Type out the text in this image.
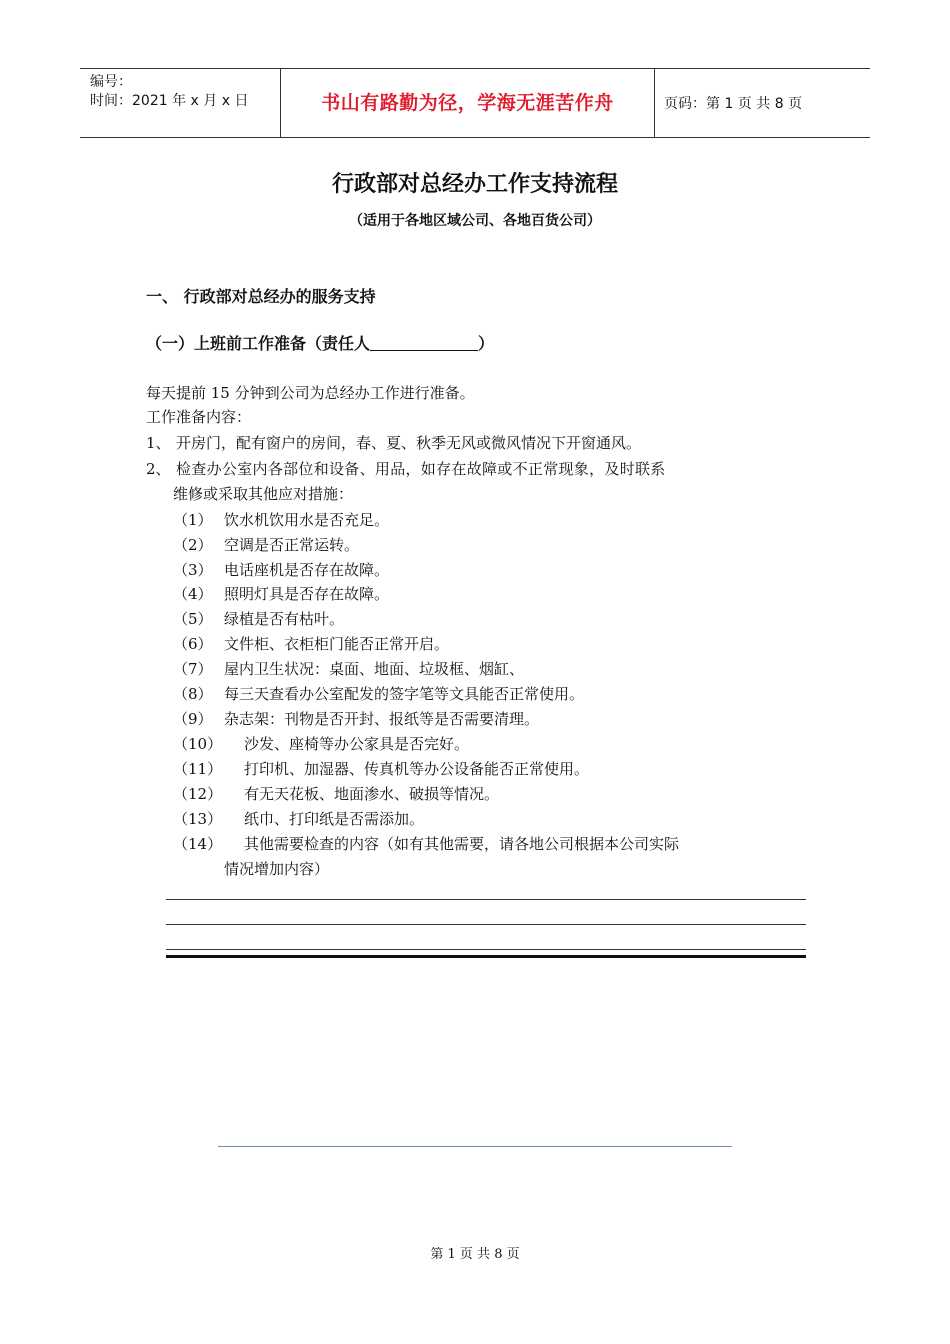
编号：
时间：2021 年 x 月 x 日	书山有路勤为径，学海无涯苦作舟	页码：第 1 页 共 8 页
行政部对总经办工作支持流程
（适用于各地区域公司、各地百货公司）
一、 行政部对总经办的服务支持
（一）上班前工作准备（责任人	）
每天提前 15 分钟到公司为总经办工作进行准备。
工作准备内容：
1、 开房门，配有窗户的房间，春、夏、秋季无风或微风情况下开窗通风。
2、 检查办公室内各部位和设备、用品，如存在故障或不正常现象，及时联系
维修或采取其他应对措施：
（1） 饮水机饮用水是否充足。
（2） 空调是否正常运转。
（3） 电话座机是否存在故障。
（4） 照明灯具是否存在故障。
（5） 绿植是否有枯叶。
（6） 文件柜、衣柜柜门能否正常开启。
（7） 屋内卫生状况：桌面、地面、垃圾框、烟缸、
（8） 每三天查看办公室配发的签字笔等文具能否正常使用。
（9） 杂志架：刊物是否开封、报纸等是否需要清理。
（10） 沙发、座椅等办公家具是否完好。
（11） 打印机、加湿器、传真机等办公设备能否正常使用。
（12） 有无天花板、地面渗水、破损等情况。
（13） 纸巾、打印纸是否需添加。
（14） 其他需要检查的内容（如有其他需要，请各地公司根据本公司实际
情况增加内容）
第 1 页 共 8 页
